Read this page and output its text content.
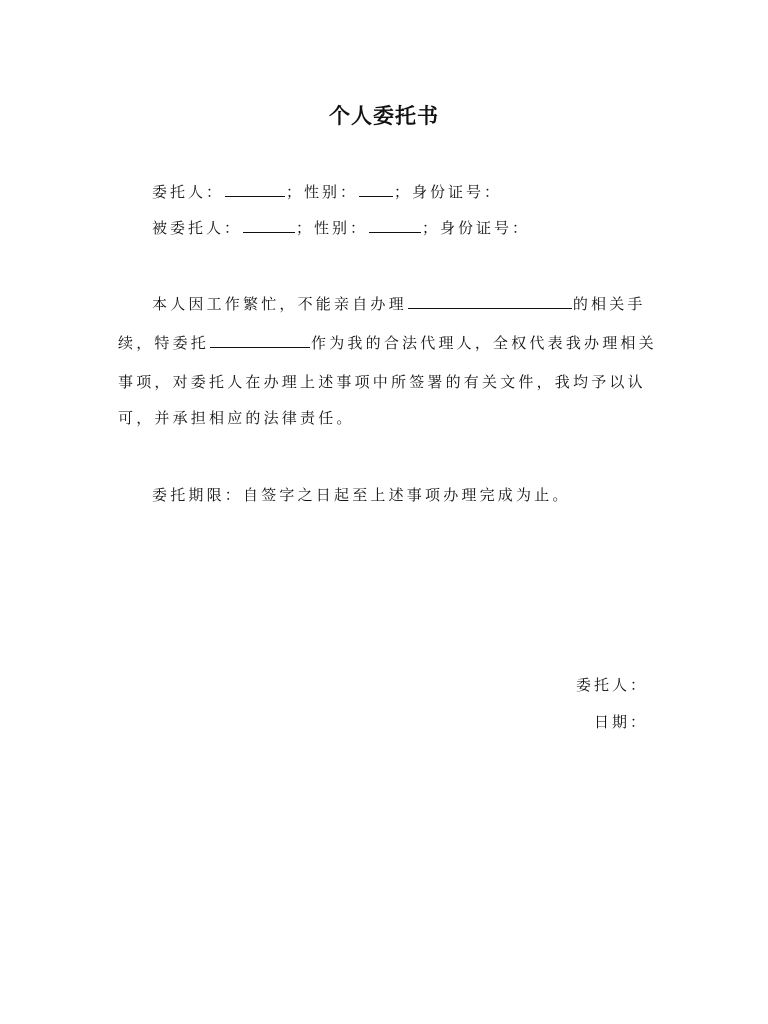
个人委托书
委托人：	；性别： ；身份证号：
被委托人：	；性别：	；身份证号：
本人因工作繁忙，不能亲自办理	的相关手
续，特委托	作为我的合法代理人，全权代表我办理相关
事项，对委托人在办理上述事项中所签署的有关文件，我均予以认
可，并承担相应的法律责任。
委托期限：自签字之日起至上述事项办理完成为止。
委托人：
日期：
